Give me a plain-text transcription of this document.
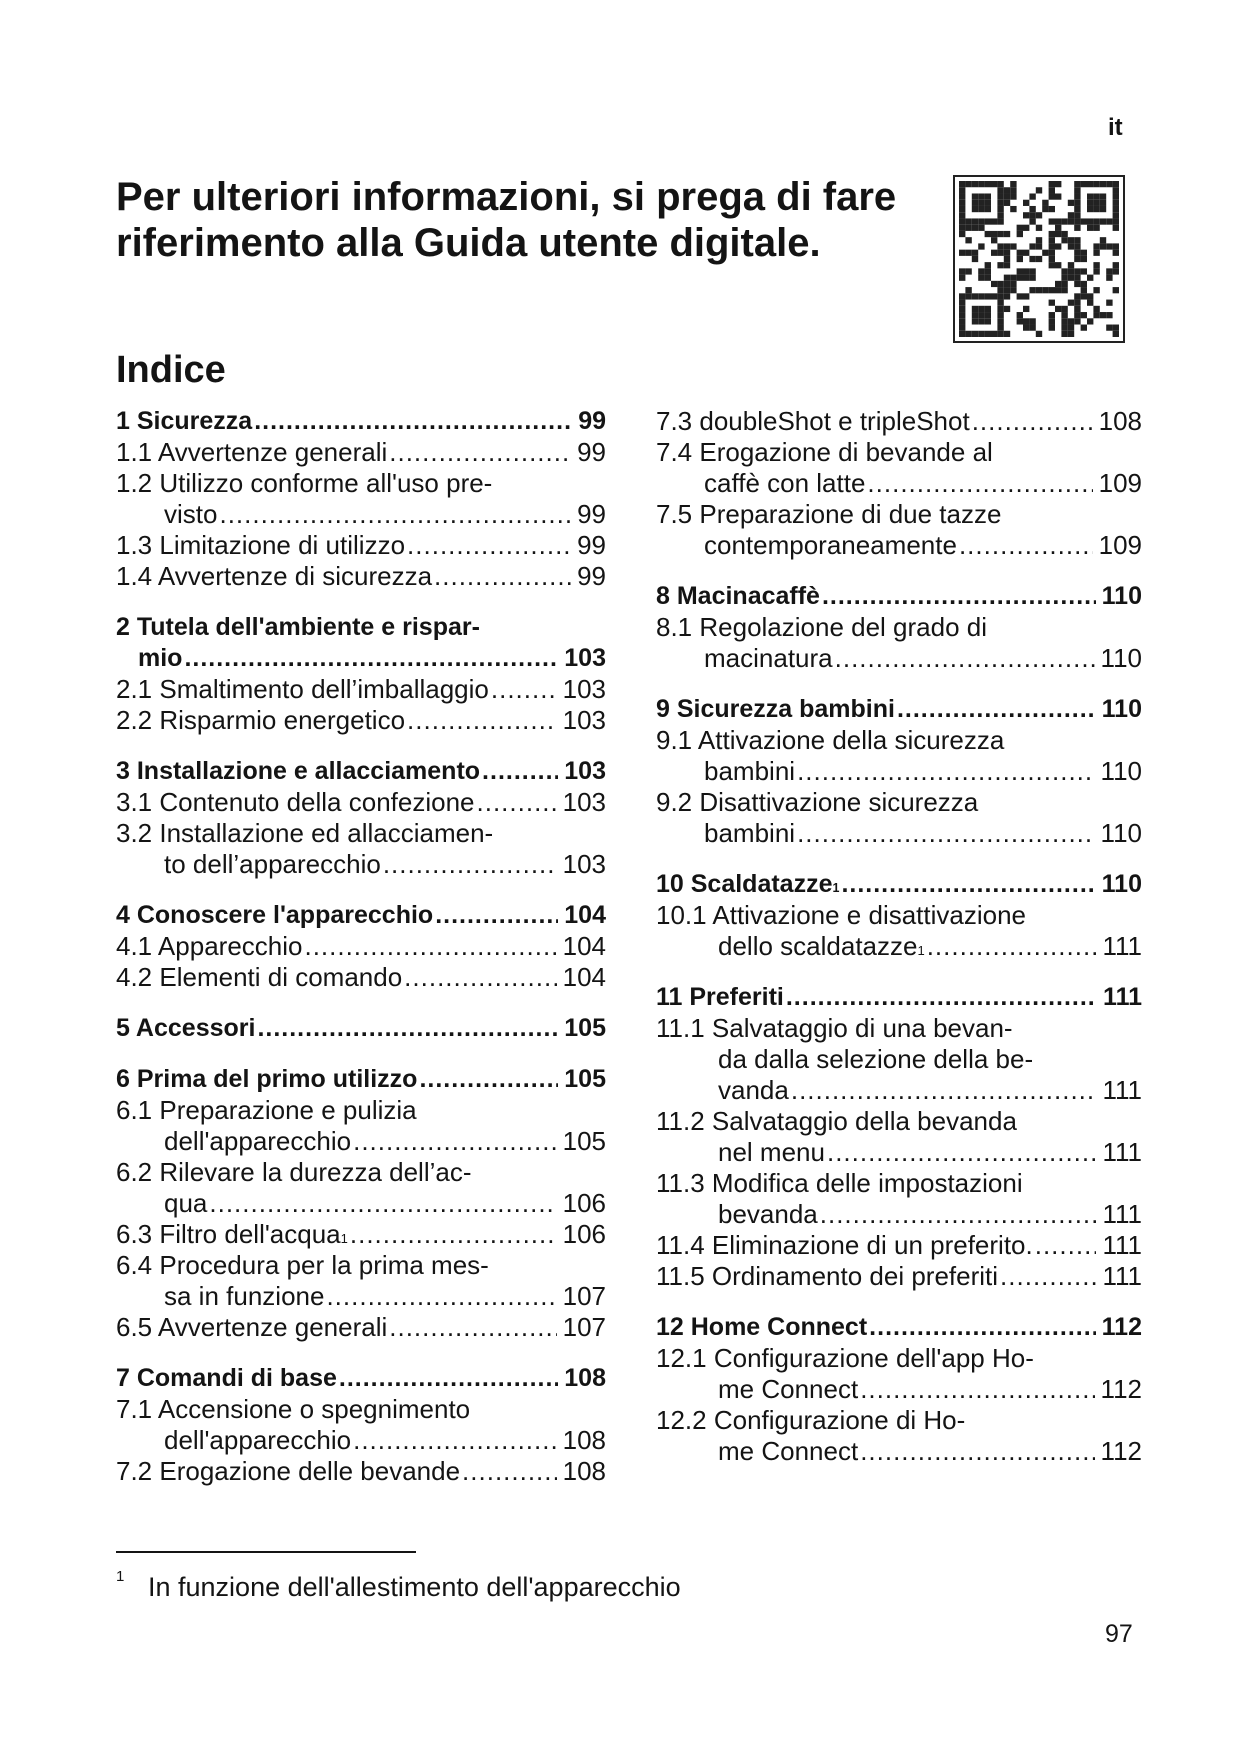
it
Per ulteriori informazioni, si prega di fare riferimento alla Guida utente digitale.
Indice
1 Sicurezza .....	99
1.1 Avvertenze generali .....	99
1.2 Utilizzo conforme all'uso pre-
visto .....	99
1.3 Limitazione di utilizzo .....	99
1.4 Avvertenze di sicurezza .....	99
2 Tutela dell'ambiente e rispar-
mio .....	103
2.1 Smaltimento dell’imballaggio .....	103
2.2 Risparmio energetico .....	103
3 Installazione e allacciamento .....	103
3.1 Contenuto della confezione .....	103
3.2 Installazione ed allacciamen-
to dell’apparecchio .....	103
4 Conoscere l'apparecchio .....	104
4.1 Apparecchio .....	104
4.2 Elementi di comando .....	104
5 Accessori .....	105
6 Prima del primo utilizzo .....	105
6.1 Preparazione e pulizia
dell'apparecchio .....	105
6.2 Rilevare la durezza dell’ac-
qua .....	106
6.3 Filtro dell'acqua 1 .....	106
6.4 Procedura per la prima mes-
sa in funzione .....	107
6.5 Avvertenze generali .....	107
7 Comandi di base .....	108
7.1 Accensione o spegnimento
dell'apparecchio .....	108
7.2 Erogazione delle bevande .....	108
7.3 doubleShot e tripleShot .....	108
7.4 Erogazione di bevande al
caffè con latte .....	109
7.5 Preparazione di due tazze
contemporaneamente .....	109
8 Macinacaffè .....	110
8.1 Regolazione del grado di
macinatura .....	110
9 Sicurezza bambini .....	110
9.1 Attivazione della sicurezza
bambini .....	110
9.2 Disattivazione sicurezza
bambini .....	110
10 Scaldatazze 1 .....	110
10.1 Attivazione e disattivazione
dello scaldatazze 1 .....	111
11 Preferiti .....	111
11.1 Salvataggio di una bevan-
da dalla selezione della be-
vanda .....	111
11.2 Salvataggio della bevanda
nel menu .....	111
11.3 Modifica delle impostazioni
bevanda .....	111
11.4 Eliminazione di un preferito. .....	111
11.5 Ordinamento dei preferiti .....	111
12 Home Connect .....	112
12.1 Configurazione dell'app Ho-
me Connect .....	112
12.2 Configurazione di Ho-
me Connect .....	112
1 In funzione dell'allestimento dell'apparecchio
97
